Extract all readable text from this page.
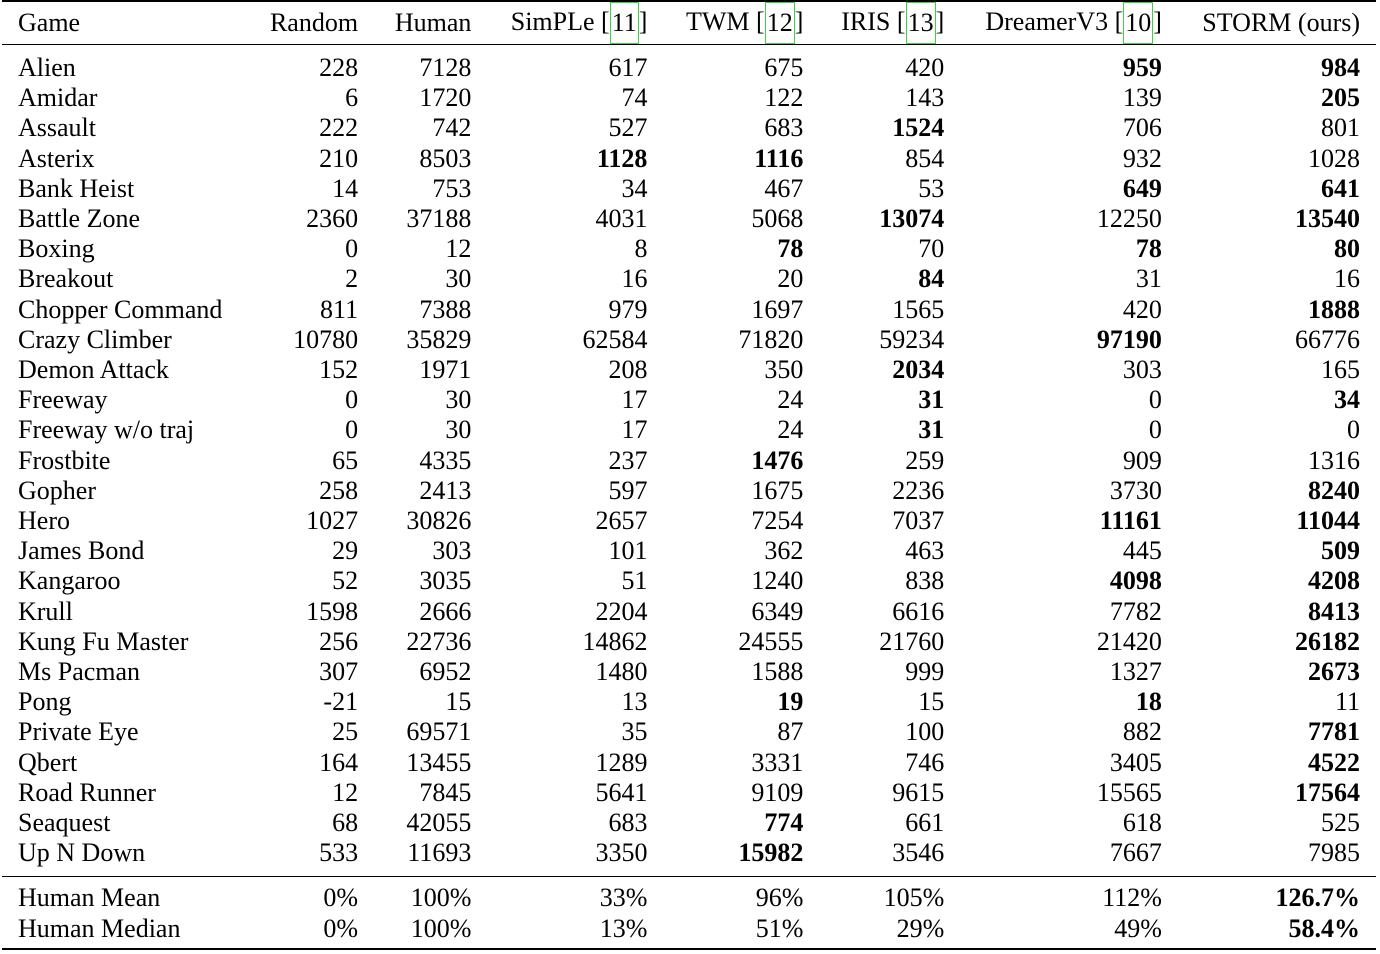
Game	Random	Human	SimPLe [ 11 ]	TWM [ 12 ]	IRIS [ 13 ]	DreamerV3 [ 10 ]	STORM (ours)
Alien	228	7128	617	675	420	959	984
Amidar	6	1720	74	122	143	139	205
Assault	222	742	527	683	1524	706	801
Asterix	210	8503	1128	1116	854	932	1028
Bank Heist	14	753	34	467	53	649	641
Battle Zone	2360	37188	4031	5068	13074	12250	13540
Boxing	0	12	8	78	70	78	80
Breakout	2	30	16	20	84	31	16
Chopper Command	811	7388	979	1697	1565	420	1888
Crazy Climber	10780	35829	62584	71820	59234	97190	66776
Demon Attack	152	1971	208	350	2034	303	165
Freeway	0	30	17	24	31	0	34
Freeway w/o traj	0	30	17	24	31	0	0
Frostbite	65	4335	237	1476	259	909	1316
Gopher	258	2413	597	1675	2236	3730	8240
Hero	1027	30826	2657	7254	7037	11161	11044
James Bond	29	303	101	362	463	445	509
Kangaroo	52	3035	51	1240	838	4098	4208
Krull	1598	2666	2204	6349	6616	7782	8413
Kung Fu Master	256	22736	14862	24555	21760	21420	26182
Ms Pacman	307	6952	1480	1588	999	1327	2673
Pong	-21	15	13	19	15	18	11
Private Eye	25	69571	35	87	100	882	7781
Qbert	164	13455	1289	3331	746	3405	4522
Road Runner	12	7845	5641	9109	9615	15565	17564
Seaquest	68	42055	683	774	661	618	525
Up N Down	533	11693	3350	15982	3546	7667	7985
Human Mean	0%	100%	33%	96%	105%	112%	126.7%
Human Median	0%	100%	13%	51%	29%	49%	58.4%
